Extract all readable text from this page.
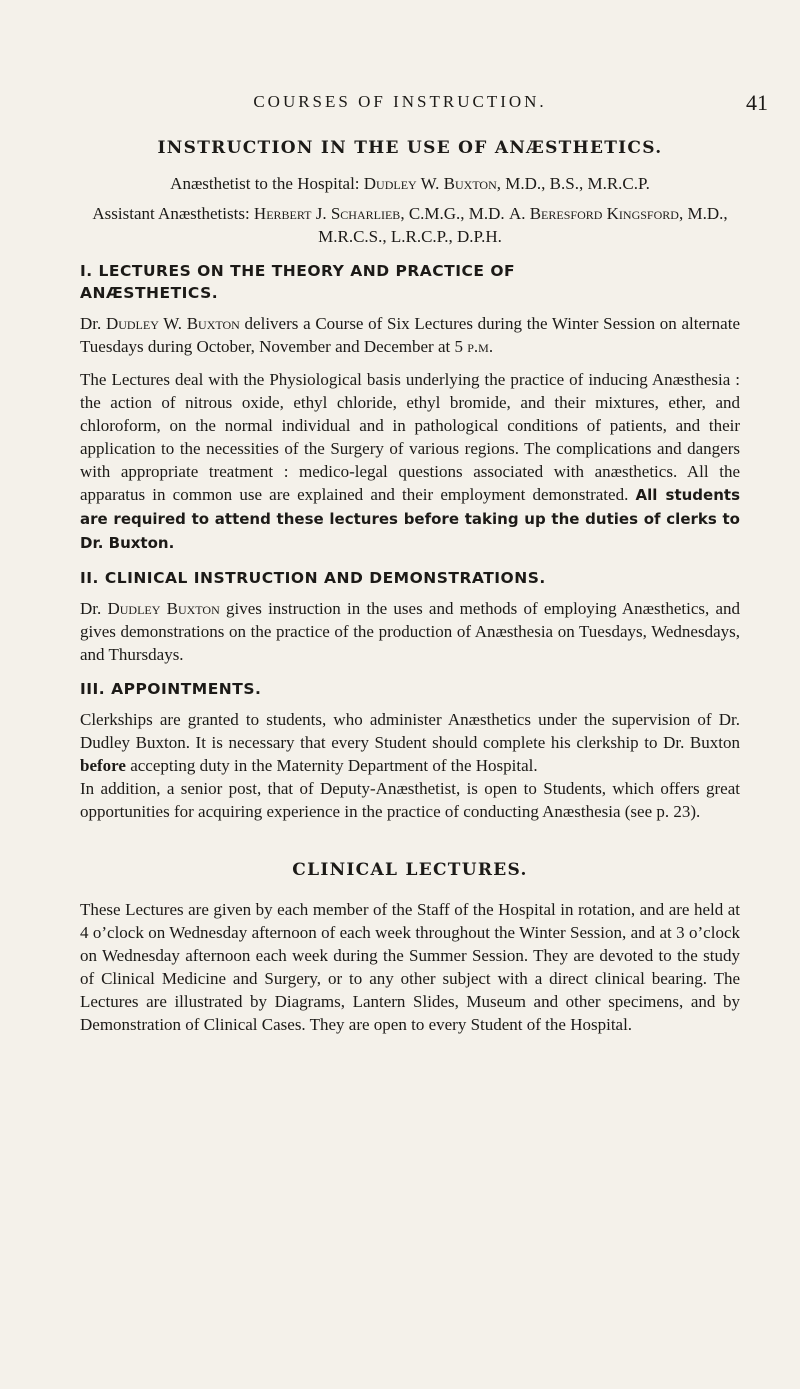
COURSES OF INSTRUCTION.	41
INSTRUCTION IN THE USE OF ANÆSTHETICS.

Anæsthetist to the Hospital: Dudley W. Buxton, M.D., B.S., M.R.C.P.

Assistant Anæsthetists: Herbert J. Scharlieb, C.M.G., M.D. A. Beresford Kingsford, M.D., M.R.C.S., L.R.C.P., D.P.H.

I. LECTURES ON THE THEORY AND PRACTICE OF
ANÆSTHETICS.

Dr. Dudley W. Buxton delivers a Course of Six Lectures during the Winter Session on alternate Tuesdays during October, November and December at 5 p.m.

The Lectures deal with the Physiological basis underlying the practice of inducing Anæsthesia : the action of nitrous oxide, ethyl chloride, ethyl bromide, and their mixtures, ether, and chloroform, on the normal individual and in pathological conditions of patients, and their application to the necessities of the Surgery of various regions. The complications and dangers with appropriate treatment : medico-legal questions associated with anæsthetics. All the apparatus in common use are explained and their employment demonstrated. All students are required to attend these lectures before taking up the duties of clerks to Dr. Buxton.

II. CLINICAL INSTRUCTION AND DEMONSTRATIONS.

Dr. Dudley Buxton gives instruction in the uses and methods of employing Anæsthetics, and gives demonstrations on the practice of the production of Anæsthesia on Tuesdays, Wednesdays, and Thursdays.

III. APPOINTMENTS.

Clerkships are granted to students, who administer Anæsthetics under the supervision of Dr. Dudley Buxton. It is necessary that every Student should complete his clerkship to Dr. Buxton before accepting duty in the Maternity Department of the Hospital.

In addition, a senior post, that of Deputy-Anæsthetist, is open to Students, which offers great opportunities for acquiring experience in the practice of conducting Anæsthesia (see p. 23).

CLINICAL LECTURES.

These Lectures are given by each member of the Staff of the Hospital in rotation, and are held at 4 o’clock on Wednesday afternoon of each week throughout the Winter Session, and at 3 o’clock on Wednesday afternoon each week during the Summer Session. They are devoted to the study of Clinical Medicine and Surgery, or to any other subject with a direct clinical bearing. The Lectures are illustrated by Diagrams, Lantern Slides, Museum and other specimens, and by Demonstration of Clinical Cases. They are open to every Student of the Hospital.
